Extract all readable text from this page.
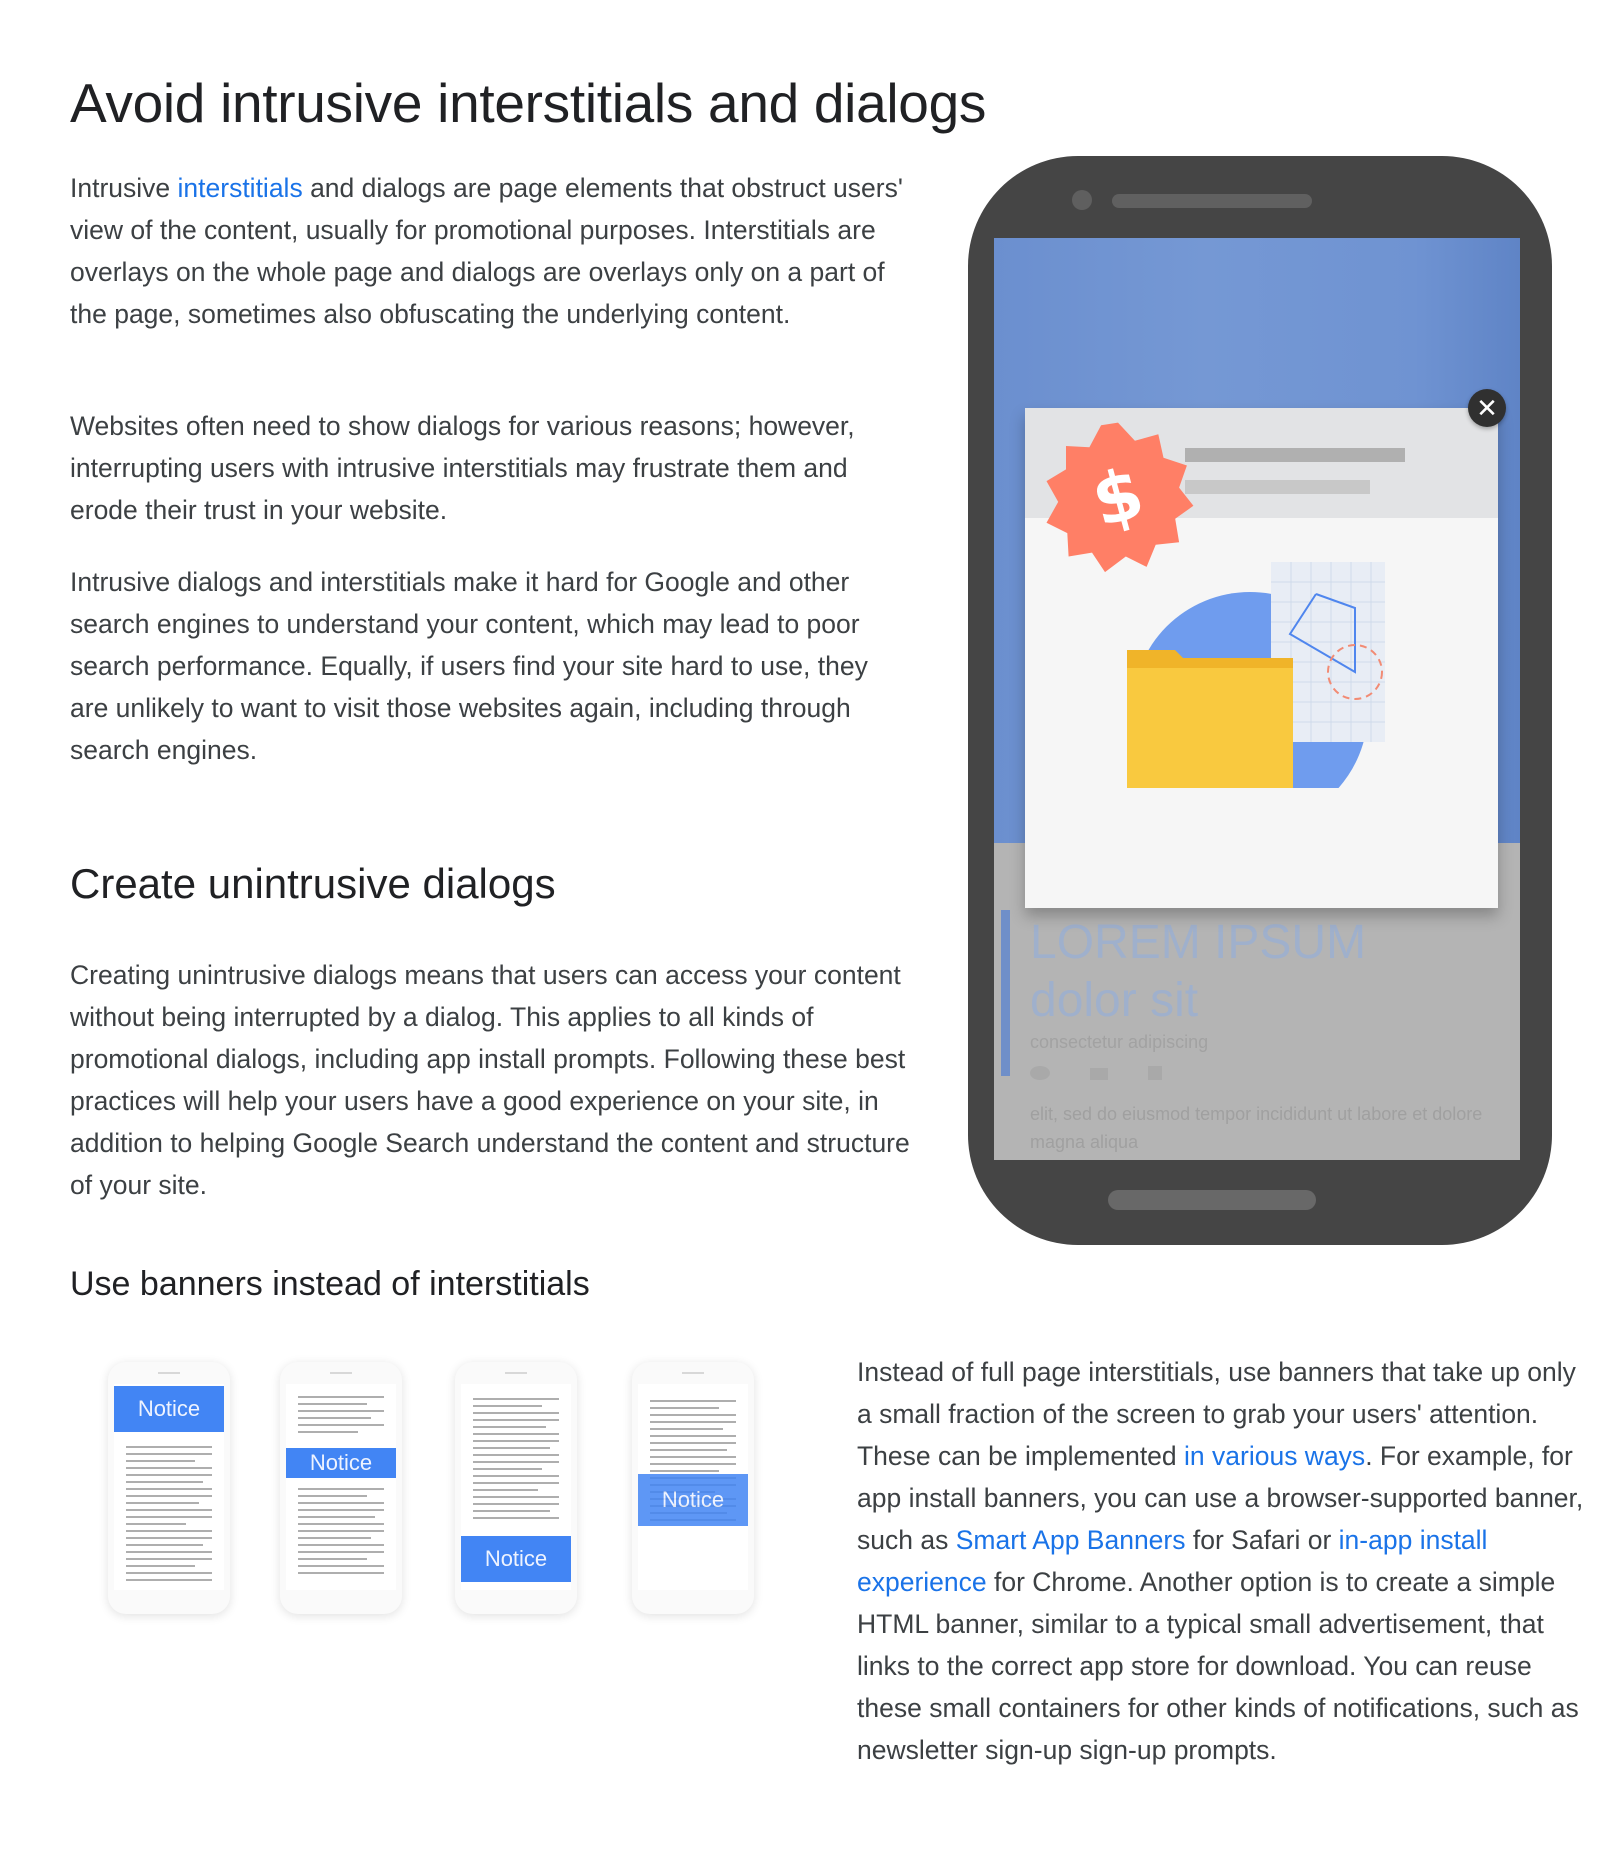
Avoid intrusive interstitials and dialogs

Intrusive interstitials and dialogs are page elements that obstruct users' view of the content, usually for promotional purposes. Interstitials are overlays on the whole page and dialogs are overlays only on a part of the page, sometimes also obfuscating the underlying content.

Websites often need to show dialogs for various reasons; however, interrupting users with intrusive interstitials may frustrate them and erode their trust in your website.

Intrusive dialogs and interstitials make it hard for Google and other search engines to understand your content, which may lead to poor search performance. Equally, if users find your site hard to use, they are unlikely to want to visit those websites again, including through search engines.

Create unintrusive dialogs

Creating unintrusive dialogs means that users can access your content without being interrupted by a dialog. This applies to all kinds of promotional dialogs, including app install prompts. Following these best practices will help your users have a good experience on your site, in addition to helping Google Search understand the content and structure of your site.

Use banners instead of interstitials

Instead of full page interstitials, use banners that take up only a small fraction of the screen to grab your users' attention. These can be implemented in various ways. For example, for app install banners, you can use a browser-supported banner, such as Smart App Banners for Safari or in-app install experience for Chrome. Another option is to create a simple HTML banner, similar to a typical small advertisement, that links to the correct app store for download. You can reuse these small containers for other kinds of notifications, such as newsletter sign-up sign-up prompts.

LOREM IPSUM
dolor sit
consectetur adipiscing
elit, sed do eiusmod tempor incididunt ut labore et dolore magna aliqua
$
✕
Notice
Notice
Notice
Notice
